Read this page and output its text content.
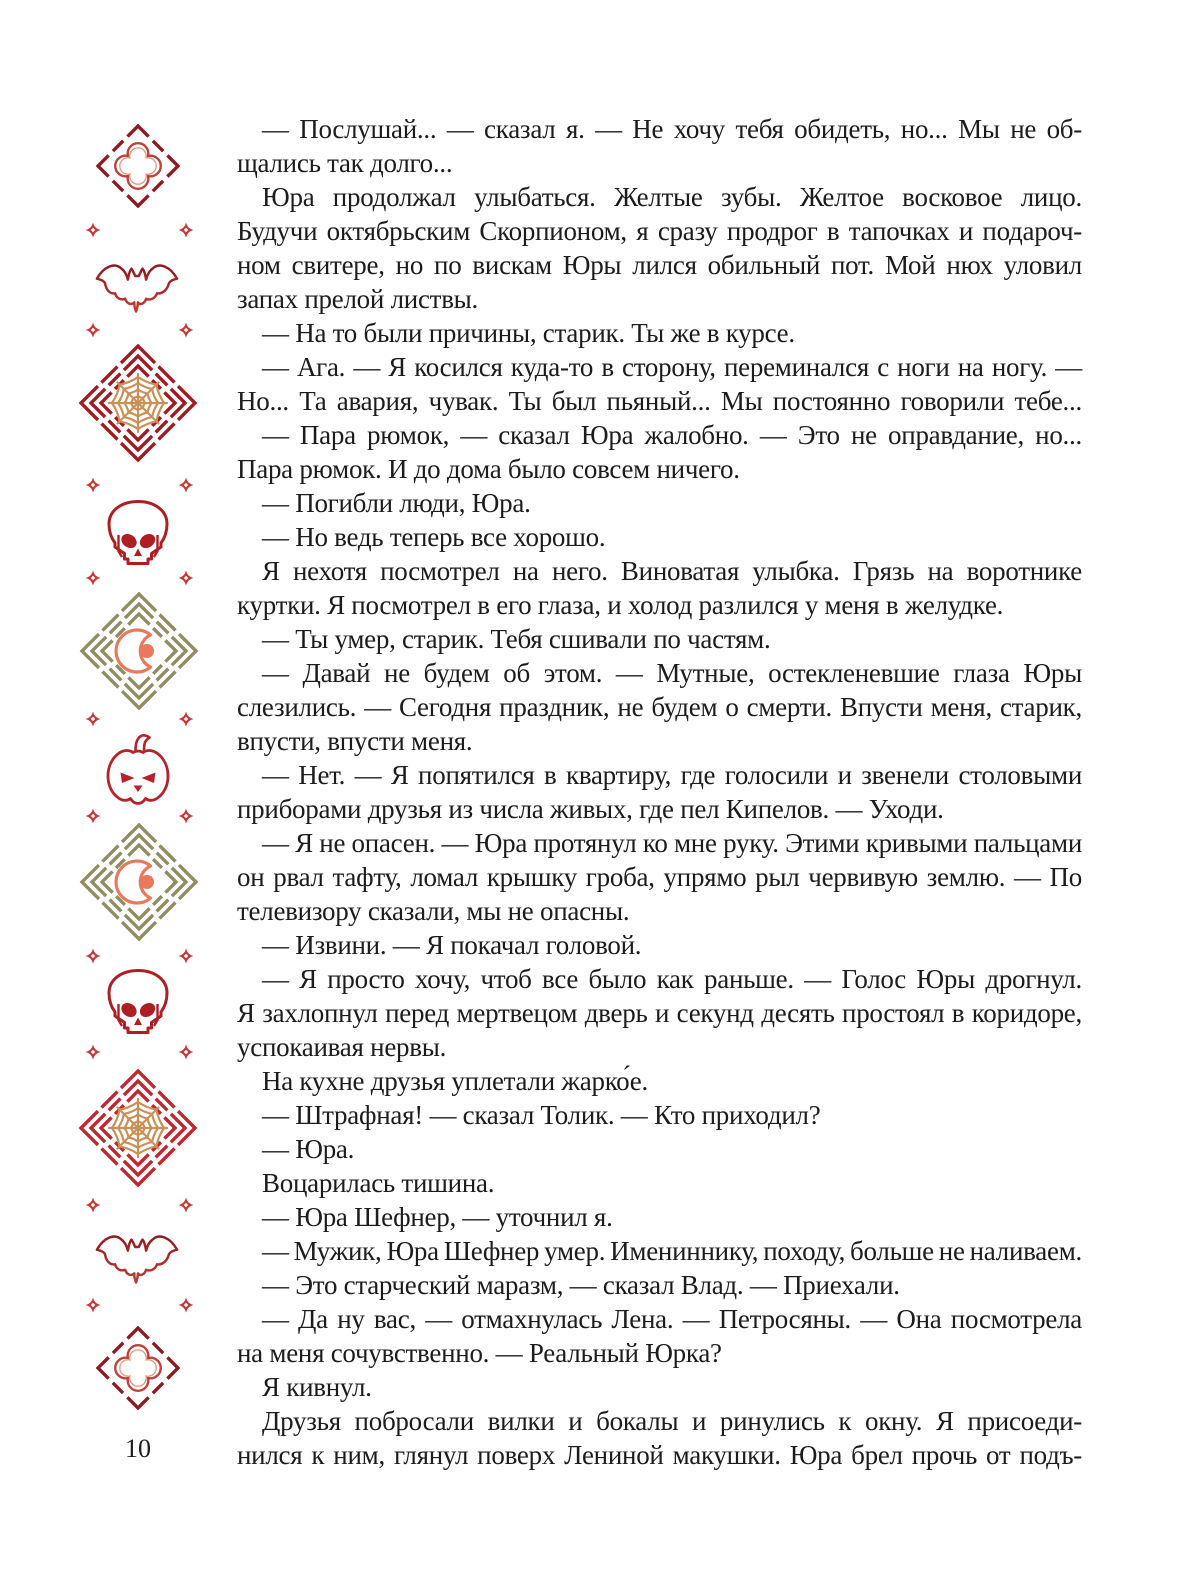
— Послушай... — сказал я. — Не хочу тебя обидеть, но... Мы не об-
щались так долго...

Юра продолжал улыбаться. Желтые зубы. Желтое восковое лицо.
Будучи октябрьским Скорпионом, я сразу продрог в тапочках и подароч-
ном свитере, но по вискам Юры лился обильный пот. Мой нюх уловил
запах прелой листвы.

— На то были причины, старик. Ты же в курсе.

— Ага. — Я косился куда-то в сторону, переминался с ноги на ногу. —
Но... Та авария, чувак. Ты был пьяный... Мы постоянно говорили тебе...

— Пара рюмок, — сказал Юра жалобно. — Это не оправдание, но...
Пара рюмок. И до дома было совсем ничего.

— Погибли люди, Юра.

— Но ведь теперь все хорошо.

Я нехотя посмотрел на него. Виноватая улыбка. Грязь на воротнике
куртки. Я посмотрел в его глаза, и холод разлился у меня в желудке.

— Ты умер, старик. Тебя сшивали по частям.

— Давай не будем об этом. — Мутные, остекленевшие глаза Юры
слезились. — Сегодня праздник, не будем о смерти. Впусти меня, старик,
впусти, впусти меня.

— Нет. — Я попятился в квартиру, где голосили и звенели столовыми
приборами друзья из числа живых, где пел Кипелов. — Уходи.

— Я не опасен. — Юра протянул ко мне руку. Этими кривыми пальцами
он рвал тафту, ломал крышку гроба, упрямо рыл червивую землю. — По
телевизору сказали, мы не опасны.

— Извини. — Я покачал головой.

— Я просто хочу, чтоб все было как раньше. — Голос Юры дрогнул.
Я захлопнул перед мертвецом дверь и секунд десять простоял в коридоре,
успокаивая нервы.

На кухне друзья уплетали жарко́е.

— Штрафная! — сказал Толик. — Кто приходил?

— Юра.

Воцарилась тишина.

— Юра Шефнер, — уточнил я.

— Мужик, Юра Шефнер умер. Имениннику, походу, больше не наливаем.

— Это старческий маразм, — сказал Влад. — Приехали.

— Да ну вас, — отмахнулась Лена. — Петросяны. — Она посмотрела
на меня сочувственно. — Реальный Юрка?

Я кивнул.

Друзья побросали вилки и бокалы и ринулись к окну. Я присоеди-
нился к ним, глянул поверх Лениной макушки. Юра брел прочь от подъ-

10
